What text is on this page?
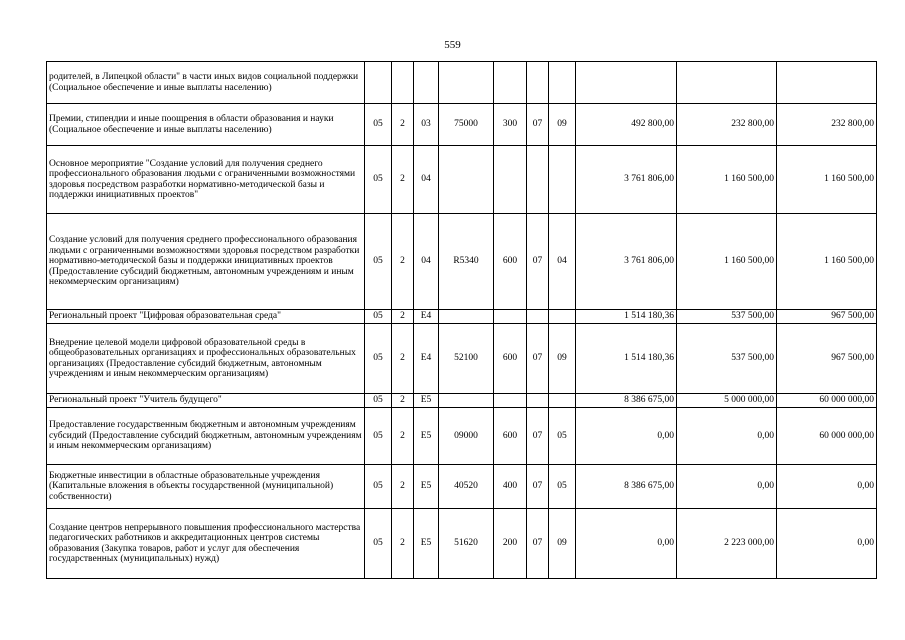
559
родителей, в Липецкой области" в части иных видов социальной поддержки (Социальное обеспечение и иные выплаты населению)										
Премии, стипендии и иные поощрения в области образования и науки (Социальное обеспечение и иные выплаты населению)	05	2	03	75000	300	07	09	492 800,00	232 800,00	232 800,00
Основное мероприятие "Создание условий для получения среднего профессионального образования людьми с ограниченными возможностями здоровья посредством разработки нормативно-методической базы и поддержки инициативных проектов"	05	2	04					3 761 806,00	1 160 500,00	1 160 500,00
Создание условий для получения среднего профессионального образования людьми с ограниченными возможностями здоровья посредством разработки нормативно-методической базы и поддержки инициативных проектов (Предоставление субсидий бюджетным, автономным учреждениям и иным некоммерческим организациям)	05	2	04	R5340	600	07	04	3 761 806,00	1 160 500,00	1 160 500,00
Региональный проект "Цифровая образовательная среда"	05	2	E4					1 514 180,36	537 500,00	967 500,00
Внедрение целевой модели цифровой образовательной среды в общеобразовательных организациях и профессиональных образовательных организациях (Предоставление субсидий бюджетным, автономным учреждениям и иным некоммерческим организациям)	05	2	E4	52100	600	07	09	1 514 180,36	537 500,00	967 500,00
Региональный проект "Учитель будущего"	05	2	E5					8 386 675,00	5 000 000,00	60 000 000,00
Предоставление государственным бюджетным и автономным учреждениям субсидий (Предоставление субсидий бюджетным, автономным учреждениям и иным некоммерческим организациям)	05	2	E5	09000	600	07	05	0,00	0,00	60 000 000,00
Бюджетные инвестиции в областные образовательные учреждения (Капитальные вложения в объекты государственной (муниципальной) собственности)	05	2	E5	40520	400	07	05	8 386 675,00	0,00	0,00
Создание центров непрерывного повышения профессионального мастерства педагогических работников и аккредитационных центров системы образования (Закупка товаров, работ и услуг для обеспечения государственных (муниципальных) нужд)	05	2	E5	51620	200	07	09	0,00	2 223 000,00	0,00
